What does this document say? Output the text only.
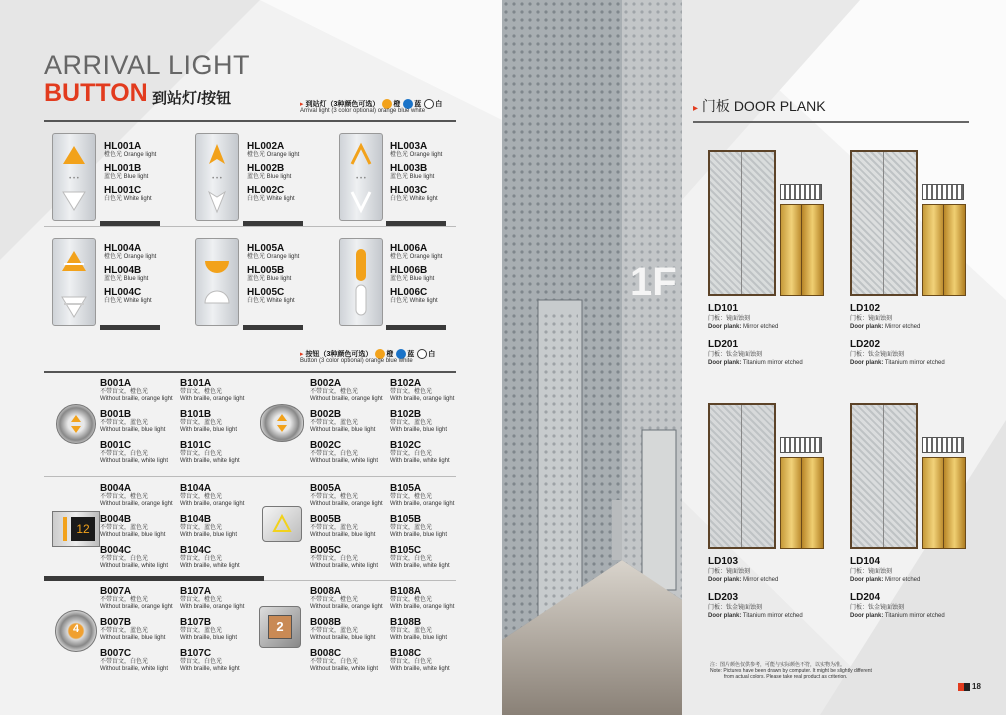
ARRIVAL LIGHT
BUTTON 到站灯/按钮	▸ 到站灯（3种颜色可选） 橙 蓝 白
Arrival light (3 color optional) orange blue white
• • •
HL001A
橙色光 Orange light
HL001B
蓝色光 Blue light
HL001C
白色光 White light
• • •
HL002A
橙色光 Orange light
HL002B
蓝色光 Blue light
HL002C
白色光 White light
• • •
HL003A
橙色光 Orange light
HL003B
蓝色光 Blue light
HL003C
白色光 White light
HL004A
橙色光 Orange light
HL004B
蓝色光 Blue light
HL004C
白色光 White light
HL005A
橙色光 Orange light
HL005B
蓝色光 Blue light
HL005C
白色光 White light
HL006A
橙色光 Orange light
HL006B
蓝色光 Blue light
HL006C
白色光 White light
▸ 按钮（3种颜色可选） 橙 蓝 白
Button (3 color optional) orange blue white
12
4	2
B001A
不带盲文，橙色光
Without braille, orange light
B101A
带盲文，橙色光
With braille, orange light
B001B
不带盲文，蓝色光
Without braille, blue light
B101B
带盲文，蓝色光
With braille, blue light
B001C
不带盲文，白色光
Without braille, white light
B101C
带盲文，白色光
With braille, white light
B002A
不带盲文，橙色光
Without braille, orange light
B102A
带盲文，橙色光
With braille, orange light
B002B
不带盲文，蓝色光
Without braille, blue light
B102B
带盲文，蓝色光
With braille, blue light
B002C
不带盲文，白色光
Without braille, white light
B102C
带盲文，白色光
With braille, white light
B004A
不带盲文，橙色光
Without braille, orange light
B104A
带盲文，橙色光
With braille, orange light
B004B
不带盲文，蓝色光
Without braille, blue light
B104B
带盲文，蓝色光
With braille, blue light
B004C
不带盲文，白色光
Without braille, white light
B104C
带盲文，白色光
With braille, white light
B005A
不带盲文，橙色光
Without braille, orange light
B105A
带盲文，橙色光
With braille, orange light
B005B
不带盲文，蓝色光
Without braille, blue light
B105B
带盲文，蓝色光
With braille, blue light
B005C
不带盲文，白色光
Without braille, white light
B105C
带盲文，白色光
With braille, white light
B007A
不带盲文，橙色光
Without braille, orange light
B107A
带盲文，橙色光
With braille, orange light
B007B
不带盲文，蓝色光
Without braille, blue light
B107B
带盲文，蓝色光
With braille, blue light
B007C
不带盲文，白色光
Without braille, white light
B107C
带盲文，白色光
With braille, white light
B008A
不带盲文，橙色光
Without braille, orange light
B108A
带盲文，橙色光
With braille, orange light
B008B
不带盲文，蓝色光
Without braille, blue light
B108B
带盲文，蓝色光
With braille, blue light
B008C
不带盲文，白色光
Without braille, white light
B108C
带盲文，白色光
With braille, white light
1F
▸ 门板 DOOR PLANK
LD101
门板：镜面蚀刻
Door plank: Mirror etched
LD201
门板：钛金镜面蚀刻
Door plank: Titanium mirror etched
LD102
门板：镜面蚀刻
Door plank: Mirror etched
LD202
门板：钛金镜面蚀刻
Door plank: Titanium mirror etched
LD103
门板：镜面蚀刻
Door plank: Mirror etched
LD203
门板：钛金镜面蚀刻
Door plank: Titanium mirror etched
LD104
门板：镜面蚀刻
Door plank: Mirror etched
LD204
门板：钛金镜面蚀刻
Door plank: Titanium mirror etched
注：图片颜色仅供参考，可能与实际颜色不符，以实物为准。
Note: Pictures have been drawn by computer. It might be slightly different
from actual colors. Please take real product as criterion.
18
